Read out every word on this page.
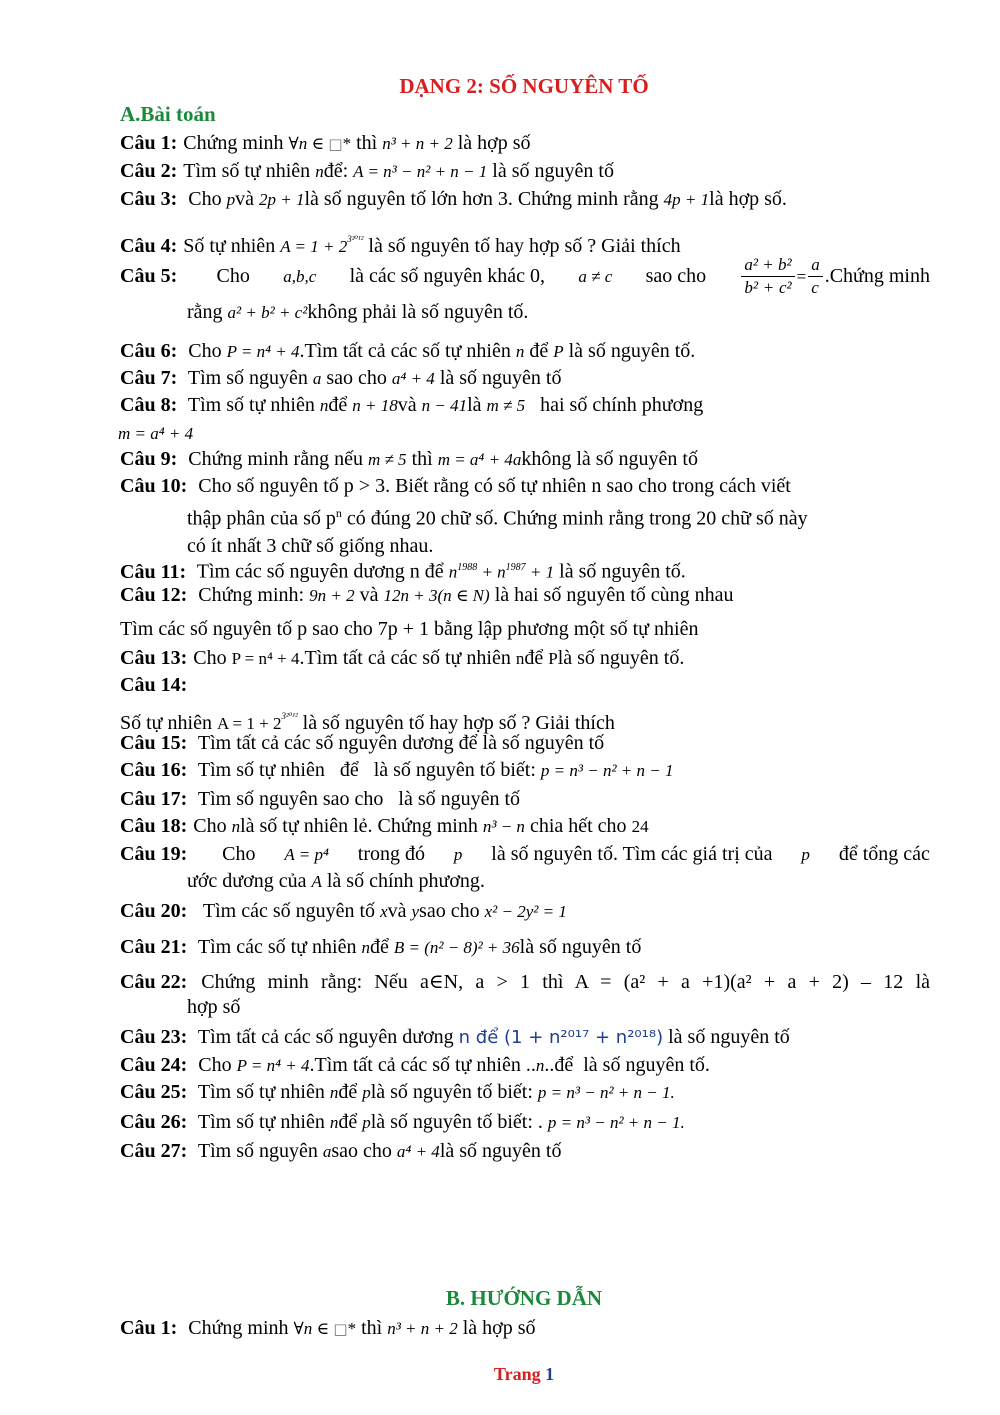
DẠNG 2: SỐ NGUYÊN TỐ
A.Bài toán
Câu 1: Chứng minh ∀n ∈ □* thì n³ + n + 2 là hợp số
Câu 2: Tìm số tự nhiên nđể: A = n³ − n² + n − 1 là số nguyên tố
Câu 3: Cho pvà 2p + 1là số nguyên tố lớn hơn 3. Chứng minh rằng 4p + 1là hợp số.
Câu 4: Số tự nhiên $A = 1 + 2^{3^{2012}}$ là số nguyên tố hay hợp số ? Giải thích
Câu 5: Cho a,b,c là các số nguyên khác 0, a ≠ c sao cho $\frac{\text{a² + b²}}{\text{b² + c²}} = \frac{a}{c}$ .Chứng minh
rằng a² + b² + c²không phải là số nguyên tố.
Câu 6: Cho P = n⁴ + 4.Tìm tất cả các số tự nhiên n để P là số nguyên tố.
Câu 7: Tìm số nguyên a sao cho a⁴ + 4 là số nguyên tố
Câu 8: Tìm số tự nhiên nđể n + 18và n − 41là m ≠ 5 hai số chính phương
m = a⁴ + 4
Câu 9: Chứng minh rằng nếu m ≠ 5 thì m = a⁴ + 4akhông là số nguyên tố
Câu 10: Cho số nguyên tố p > 3. Biết rằng có số tự nhiên n sao cho trong cách viết
thập phân của số $p^n$ có đúng 20 chữ số. Chứng minh rằng trong 20 chữ số này
có ít nhất 3 chữ số giống nhau.
Câu 11: Tìm các số nguyên dương n để $n^{1988} + n^{1987} + 1$ là số nguyên tố.
Câu 12: Chứng minh: 9n + 2 và 12n + 3(n ∈ N) là hai số nguyên tố cùng nhau
Tìm các số nguyên tố p sao cho 7p + 1 bằng lập phương một số tự nhiên
Câu 13: Cho P = n⁴ + 4.Tìm tất cả các số tự nhiên nđể Plà số nguyên tố.
Câu 14:
Số tự nhiên $A = 1 + 2^{3^{2012}}$ là số nguyên tố hay hợp số ? Giải thích
Câu 15: Tìm tất cả các số nguyên dương để là số nguyên tố
Câu 16: Tìm số tự nhiên   để   là số nguyên tố biết: p = n³ − n² + n − 1
Câu 17: Tìm số nguyên sao cho   là số nguyên tố
Câu 18: Cho nlà số tự nhiên lẻ. Chứng minh n³ − n chia hết cho 24
Câu 19: Cho A = p⁴ trong đó p là số nguyên tố. Tìm các giá trị của p để tổng các
ước dương của A là số chính phương.
Câu 20: Tìm các số nguyên tố xvà ysao cho x² − 2y² = 1
Câu 21: Tìm các số tự nhiên nđể B = (n² − 8)² + 36là số nguyên tố
Câu 22: Chứng minh rằng: Nếu a∈N, a > 1 thì A = (a² + a +1)(a² + a + 2) – 12 là
hợp số
Câu 23: Tìm tất cả các số nguyên dương n để (1 + n²⁰¹⁷ + n²⁰¹⁸) là số nguyên tố
Câu 24: Cho P = n⁴ + 4.Tìm tất cả các số tự nhiên ..n..để  là số nguyên tố.
Câu 25: Tìm số tự nhiên nđể plà số nguyên tố biết: p = n³ − n² + n − 1.
Câu 26: Tìm số tự nhiên nđể plà số nguyên tố biết: . p = n³ − n² + n − 1.
Câu 27: Tìm số nguyên asao cho a⁴ + 4là số nguyên tố
B. HƯỚNG DẪN
Câu 1: Chứng minh ∀n ∈ □* thì n³ + n + 2 là hợp số
Trang 1
